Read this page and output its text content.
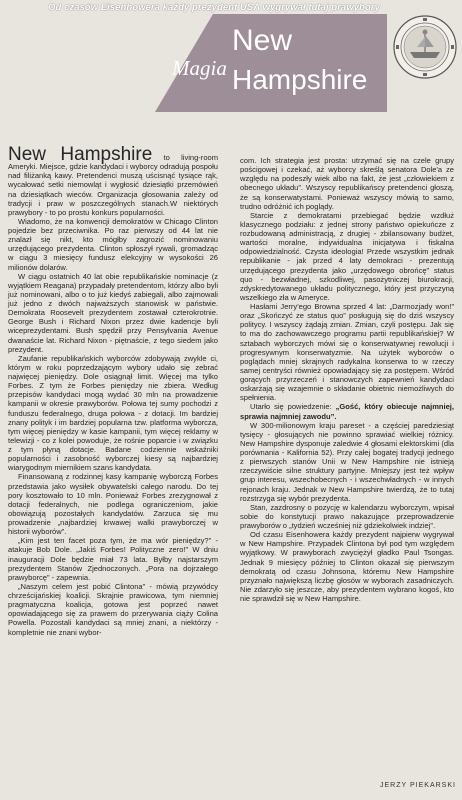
Od czasów Eisenhowera każdy prezydent USA wygrywał tutaj prawybory
Magia
New
Hampshire

New Hampshire to living-room Ameryki. Miejsce, gdzie kandydaci i wyborcy odradują pospołu nad filiżanką kawy. Pretendenci muszą uścisnąć tysiące rąk, wycałować setki niemowląt i wygłosić dziesiątki przemówień na dziesiątkach wieców. Organizacja głosowania zależy od tradycji i praw w poszczególnych stanach.W niektórych prawybory - to po prostu konkurs popularności.

Wiadomo, że na konwencji demokratów w Chicago Clinton pojedzie bez przeciwnika. Po raz pierwszy od 44 lat nie znalazł się nikt, kto mógłby zagrozić nominowaniu urzędującego prezydenta. Clinton spłoszył rywali, gromadząc w ciągu 3 miesięcy fundusz elekcyjny w wysokości 26 milionów dolarów.

W ciągu ostatnich 40 lat obie republikańskie nominacje (z wyjątkiem Reagana) przypadały pretendentom, którzy albo byli już nominowani, albo o to już kiedyś zabiegali, albo zajmowali już jedno z dwóch najważszych stanowisk w państwie. Demokrata Roosevelt prezydentem zostawał czterokrotnie. George Bush i Richard Nixon przez dwie kadencje byli wiceprezydentami. Bush spędził przy Pensylvania Avenue dwanaście lat. Richard Nixon - piętnaście, z tego siedem jako prezydent.

Zaufanie republikańskich wyborców zdobywają zwykle ci, którym w roku poprzedzającym wybory udało się zebrać najwięcej pieniędzy. Dole osiągnął limit. Więcej ma tylko Forbes. Z tym że Forbes pieniędzy nie zbiera. Według przepisów kandydaci mogą wydać 30 mln na prowadzenie kampanii w okresie prawyborów. Połowa tej sumy pochodzi z funduszu federalnego, druga połowa - z dotacji. Im bardziej znany polityk i im bardziej popularna tzw. platforma wyborcza, tym więcej pieniędzy w kasie kampanii, tym więcej reklamy w telewizji - co z kolei powoduje, że rośnie poparcie i w związku z tym płyną dotacje. Badane codziennie wskaźniki popularności i zasobność wyborczej kiesy są najbardziej wiarygodnym miernikiem szans kandydata.

Finansowaną z rodzinnej kasy kampanię wyborczą Forbes przedstawia jako wysiłek obywatelski całego narodu. Do tej pory kosztowało to 10 mln. Ponieważ Forbes zrezygnował z dotacji federalnych, nie podlega ograniczeniom, jakie obowiązują pozostałych kandydatów. Zarzuca się mu prowadzenie „najbardziej krwawej walki prawyborczej w historii wyborów”.

„Kim jest ten facet poza tym, że ma wór pieniędzy?” - atakuje Bob Dole. „Jakiś Forbes! Polityczne zero!” W dniu inauguracji Dole będzie miał 73 lata. Byłby najstarszym prezydentem Stanów Zjednoczonych. „Pora na dojrzałego prawyborcę” - zapewnia.

„Naszym celem jest pobić Clintona” - mówią przywódcy chrześcijańskiej koalicji. Skrajnie prawicowa, tym niemniej pragmatyczna koalicja, gotowa jest poprzeć nawet opowiadającego się za prawem do przerywania ciąży Colina Powella. Pozostali kandydaci są mniej znani, a niektórzy - kompletnie nie znani wybor-

com. Ich strategia jest prosta: utrzymać się na czele grupy pościgowej i czekać, aż wyborcy skreślą senatora Dole'a ze względu na podeszły wiek albo na fakt, że jest „człowiekiem z obecnego układu”. Wszyscy republikańscy pretendenci głoszą, że są konserwatystami. Ponieważ wszyscy mówią to samo, trudno odróżnić ich poglądy.

Starcie z demokratami przebiegać będzie wzdłuż klasycznego podziału: z jednej strony państwo opiekuńcze z rozbudowaną administracją, z drugiej - zbilansowany budżet, wartości moralne, indywidualna inicjatywa i fiskalna odpowiedzialność. Czysta ideologia! Przede wszystkim jednak republikanie - jak przed 4 laty demokraci - prezentują urzędującego prezydenta jako „urzędowego obrońcę” status quo - bezwładnej, szkodliwej, pasożytniczej biurokracji, zdyskredytowanego układu politycznego, który jest przyczyną wszelkiego zła w Ameryce.

Hasłami Jerry'ego Browna sprzed 4 lat: „Darmozjady won!” oraz „Skończyć ze status quo” posługują się do dziś wszyscy politycy. I wszyscy żądają zmian. Zmian, czyli postępu. Jak się to ma do zachowawczego programu partii republikańskiej? W sztabach wyborczych mówi się o konserwatywnej rewolucji i progresywnym konserwatyzmie. Na użytek wyborców o poglądach mniej skrajnych radykalna konserwa to w rzeczy samej centryści również opowiadający się za postępem. Wśród gorących przyrzeczeń i stanowczych zapewnień kandydaci oskarżają się wzajemnie o składanie obietnic niemożliwych do spełnienia.

Utarło się powiedzenie: „Gość, który obiecuje najmniej, sprawia najmniej zawodu”.

W 300-milionowym kraju pareset - a częściej paredziesiąt tysięcy - głosujących nie powinno sprawiać wielkiej różnicy. New Hampshire dysponuje zaledwie 4 głosami elektorskimi (dla porównania - Kalifornia 52). Przy całej bogatej tradycji jednego z pierwszych stanów Unii w New Hampshire nie istnieją rzeczywiście silne struktury partyjne. Mniejszy jest też wpływ grup interesu, wszechobecnych - i wszechwładnych - w innych rejonach kraju. Jednak w New Hampshire twierdzą, że to tutaj rozstrzyga się wybór prezydenta.

Stan, zazdrosny o pozycję w kalendarzu wyborczym, wpisał sobie do konstytucji prawo nakazujące przeprowadzenie prawyborów o „tydzień wcześniej niż gdziekolwiek indziej”.

Od czasu Eisenhowera każdy prezydent najpierw wygrywał w New Hampshire. Przypadek Clintona był pod tym względem wyjątkowy. W prawyborach zwyciężył gładko Paul Tsongas. Jednak 9 miesięcy później to Clinton okazał się pierwszym demokratą od czasu Johnsona, któremu New Hampshire przyznało największą liczbę głosów w wyborach zasadniczych. Nie zdarzyło się jeszcze, aby prezydentem wybrano kogoś, kto nie sprawdził się w New Hampshire.

JERZY PIEKARSKI
